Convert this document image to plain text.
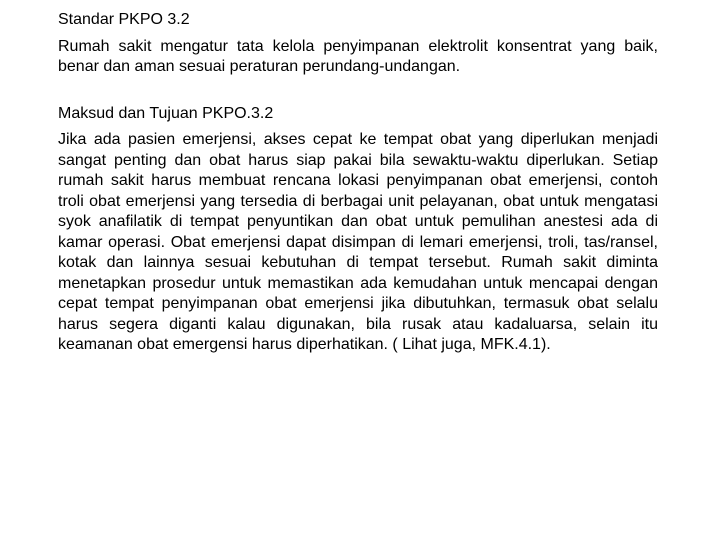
Standar PKPO 3.2

Rumah sakit mengatur tata kelola penyimpanan elektrolit konsentrat yang baik, benar dan aman sesuai peraturan perundang-undangan.

Maksud dan Tujuan PKPO.3.2

Jika ada pasien emerjensi, akses cepat ke tempat obat yang diperlukan menjadi sangat penting dan obat harus siap pakai bila sewaktu-waktu diperlukan. Setiap rumah sakit harus membuat rencana lokasi penyimpanan obat emerjensi, contoh troli obat emerjensi yang tersedia di berbagai unit pelayanan, obat untuk mengatasi syok anafilatik di tempat penyuntikan dan obat untuk pemulihan anestesi ada di kamar operasi. Obat emerjensi dapat disimpan di lemari emerjensi, troli, tas/ransel, kotak dan lainnya sesuai kebutuhan di tempat tersebut. Rumah sakit diminta menetapkan prosedur untuk memastikan ada kemudahan untuk mencapai dengan cepat tempat penyimpanan obat emerjensi jika dibutuhkan, termasuk obat selalu harus segera diganti kalau digunakan, bila rusak atau kadaluarsa, selain itu keamanan obat emergensi harus diperhatikan. ( Lihat juga, MFK.4.1).
